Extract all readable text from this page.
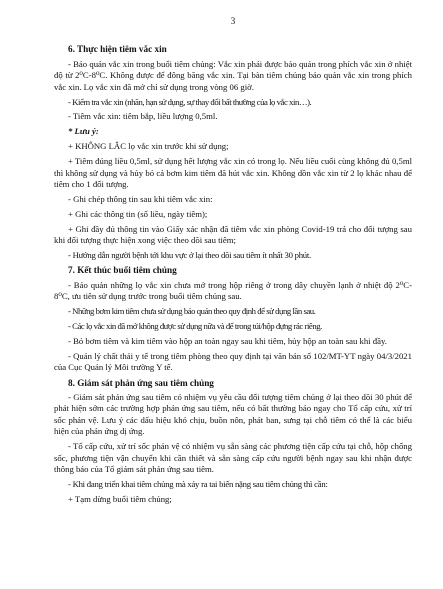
3
6. Thực hiện tiêm vắc xin

- Bảo quản vắc xin trong buổi tiêm chủng: Vắc xin phải được bảo quản trong phích vắc xin ở nhiệt độ từ 2⁰C-8⁰C. Không được để đông băng vắc xin. Tại bàn tiêm chủng bảo quản vắc xin trong phích vắc xin. Lọ vắc xin đã mở chỉ sử dụng trong vòng 06 giờ.

- Kiểm tra vắc xin (nhãn, hạn sử dụng, sự thay đổi bất thường của lọ vắc xin…).

- Tiêm vắc xin: tiêm bắp, liều lượng 0,5ml.

* Lưu ý:

+ KHÔNG LẮC lọ vắc xin trước khi sử dụng;

+ Tiêm đúng liều 0,5ml, sử dụng hết lượng vắc xin có trong lọ. Nếu liều cuối cùng không đủ 0,5ml thì không sử dụng và hủy bỏ cả bơm kim tiêm đã hút vắc xin. Không dồn vắc xin từ 2 lọ khác nhau để tiêm cho 1 đối tượng.

- Ghi chép thông tin sau khi tiêm vắc xin:

+ Ghi các thông tin (số liều, ngày tiêm);

+ Ghi đầy đủ thông tin vào Giấy xác nhận đã tiêm vắc xin phòng Covid-19 trả cho đối tượng sau khi đối tượng thực hiện xong việc theo dõi sau tiêm;

- Hướng dẫn người bệnh tới khu vực ở lại theo dõi sau tiêm ít nhất 30 phút.

7. Kết thúc buổi tiêm chủng

- Bảo quản những lọ vắc xin chưa mở trong hộp riêng ở trong dây chuyền lạnh ở nhiệt độ 2⁰C-8⁰C, ưu tiên sử dụng trước trong buổi tiêm chủng sau.

- Những bơm kim tiêm chưa sử dụng bảo quản theo quy định để sử dụng lần sau.

- Các lọ vắc xin đã mở không được sử dụng nữa và để trong túi/hộp đựng rác riêng.

- Bỏ bơm tiêm và kim tiêm vào hộp an toàn ngay sau khi tiêm, hủy hộp an toàn sau khi đầy.

- Quản lý chất thải y tế trong tiêm phòng theo quy định tại văn bản số 102/MT-YT ngày 04/3/2021 của Cục Quản lý Môi trường Y tế.

8. Giám sát phản ứng sau tiêm chủng

- Giám sát phản ứng sau tiêm có nhiệm vụ yêu cầu đối tượng tiêm chủng ở lại theo dõi 30 phút để phát hiện sớm các trường hợp phản ứng sau tiêm, nếu có bất thường báo ngay cho Tổ cấp cứu, xử trí sốc phản vệ. Lưu ý các dấu hiệu khó chịu, buồn nôn, phát ban, sưng tại chỗ tiêm có thể là các biểu hiện của phản ứng dị ứng.

- Tổ cấp cứu, xử trí sốc phản vệ có nhiệm vụ sẵn sàng các phương tiện cấp cứu tại chỗ, hộp chống sốc, phương tiện vận chuyển khi cần thiết và sẵn sàng cấp cứu người bệnh ngay sau khi nhận được thông báo của Tổ giám sát phản ứng sau tiêm.

- Khi đang triển khai tiêm chủng mà xảy ra tai biến nặng sau tiêm chủng thì cần:

+ Tạm dừng buổi tiêm chủng;
